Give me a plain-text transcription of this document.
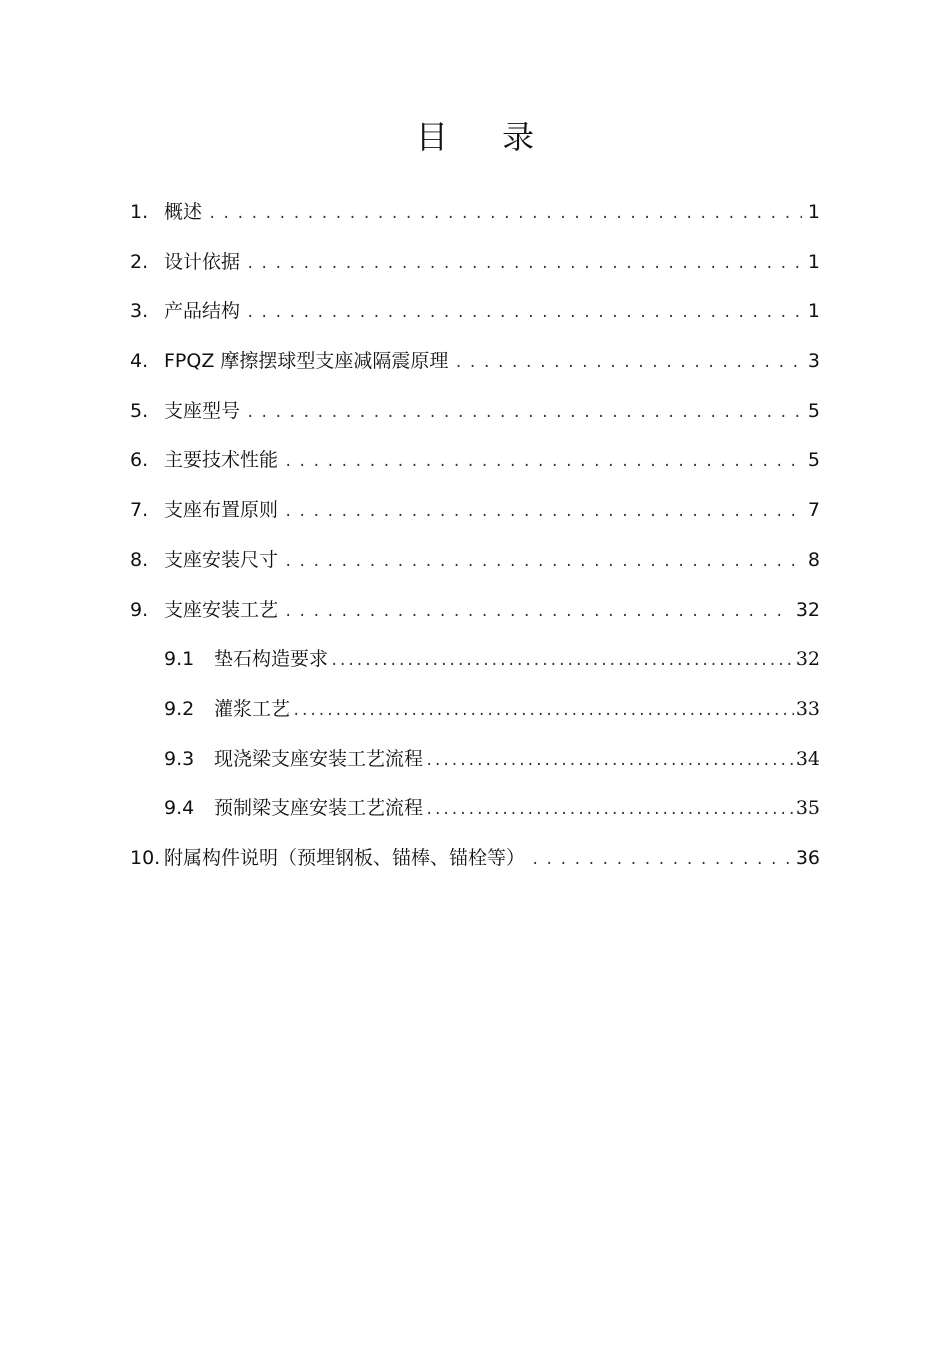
目 录
1. 概述 .....	1
2. 设计依据 .....	1
3. 产品结构 .....	1
4. FPQZ 摩擦摆球型支座减隔震原理 .....	3
5. 支座型号 .....	5
6. 主要技术性能 .....	5
7. 支座布置原则 .....	7
8. 支座安装尺寸 .....	8
9. 支座安装工艺 .....	32
9.1	垫石构造要求 .....	32
9.2	灌浆工艺 .....	33
9.3	现浇梁支座安装工艺流程 .....	34
9.4	预制梁支座安装工艺流程 .....	35
10. 附属构件说明（预埋钢板、锚棒、锚栓等） .....	36
